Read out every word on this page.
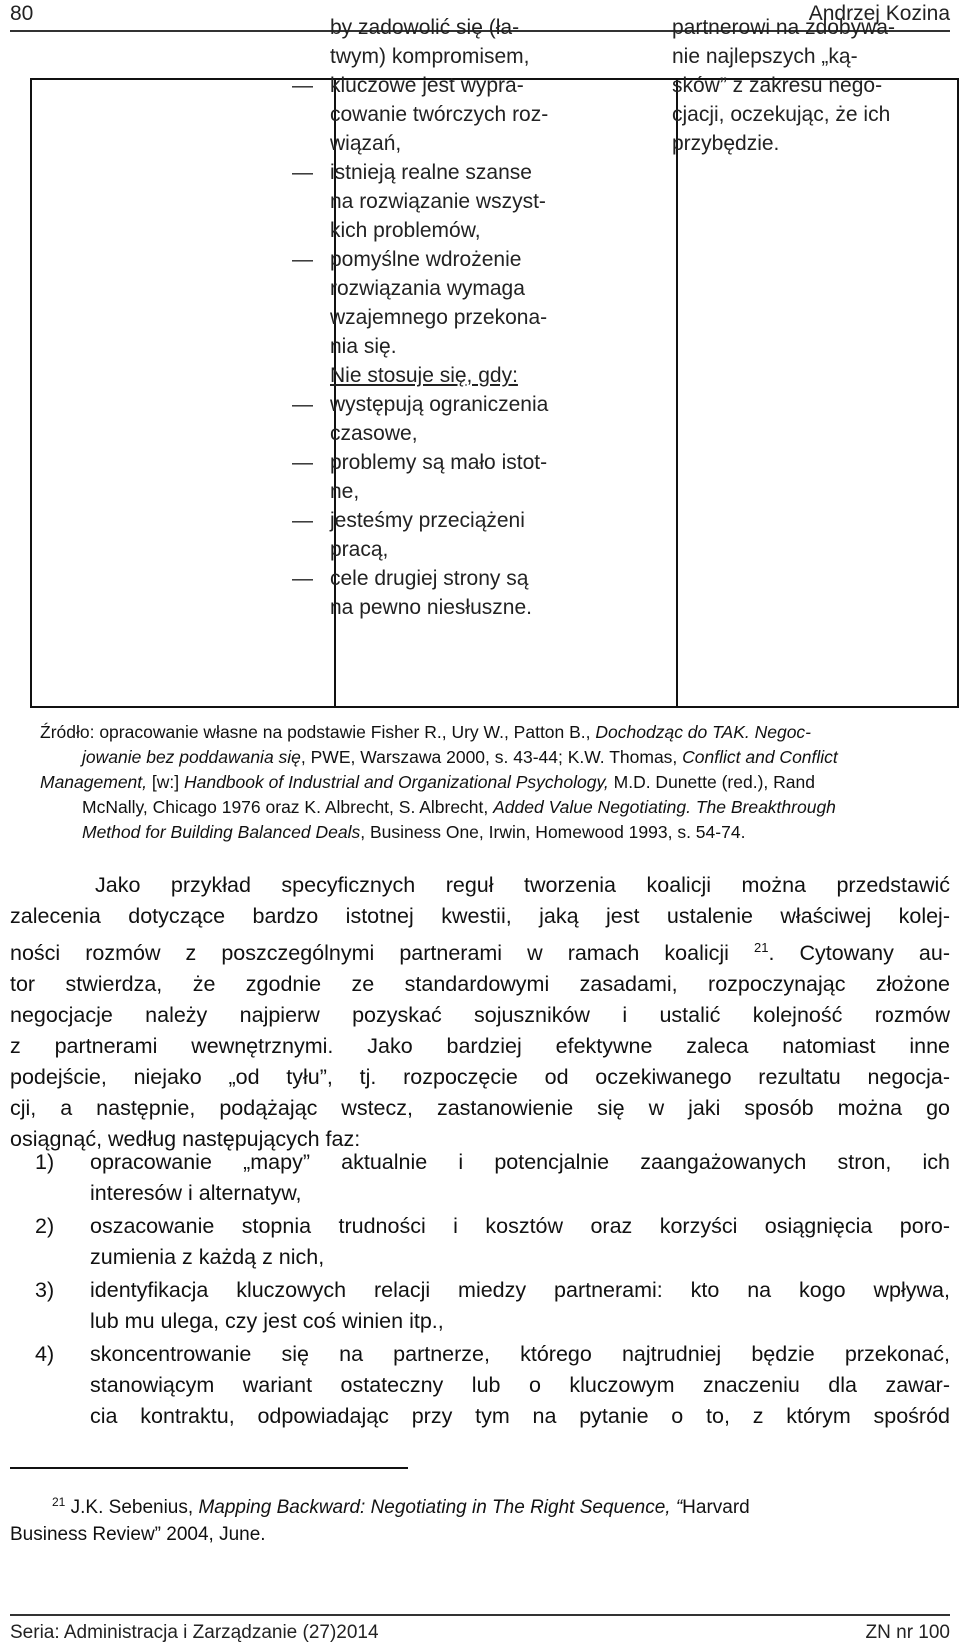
80	Andrzej Kozina
by zadowolić się (ła-
twym) kompromisem,
— kluczowe jest wypra-
cowanie twórczych roz-
wiązań,
— istnieją realne szanse
na rozwiązanie wszyst-
kich problemów,
— pomyślne wdrożenie
rozwiązania wymaga
wzajemnego przekona-
nia się.
Nie stosuje się, gdy:
— występują ograniczenia
czasowe,
— problemy są mało istot-
ne,
— jesteśmy przeciążeni
pracą,
— cele drugiej strony są
na pewno niesłuszne.
partnerowi na zdobywa-
nie najlepszych „ką-
sków” z zakresu nego-
cjacji, oczekując, że ich
przybędzie.
Źródło: opracowanie własne na podstawie Fisher R., Ury W., Patton B., Dochodząc do TAK. Negoc-
jowanie bez poddawania się, PWE, Warszawa 2000, s. 43-44; K.W. Thomas, Conflict and Conflict
Management, [w:] Handbook of Industrial and Organizational Psychology, M.D. Dunette (red.), Rand
McNally, Chicago 1976 oraz K. Albrecht, S. Albrecht, Added Value Negotiating. The Breakthrough
Method for Building Balanced Deals, Business One, Irwin, Homewood 1993, s. 54-74.
Jako przykład specyficznych reguł tworzenia koalicji można przedstawić
zalecenia dotyczące bardzo istotnej kwestii, jaką jest ustalenie właściwej kolej-
ności rozmów z poszczególnymi partnerami w ramach koalicji $^{21}$. Cytowany au-
tor stwierdza, że zgodnie ze standardowymi zasadami, rozpoczynając złożone
negocjacje należy najpierw pozyskać sojuszników i ustalić kolejność rozmów
z partnerami wewnętrznymi. Jako bardziej efektywne zaleca natomiast inne
podejście, niejako „od tyłu”, tj. rozpoczęcie od oczekiwanego rezultatu negocja-
cji, a następnie, podążając wstecz, zastanowienie się w jaki sposób można go
osiągnąć, według następujących faz:
1) opracowanie „mapy” aktualnie i potencjalnie zaangażowanych stron, ich
interesów i alternatyw,
2) oszacowanie stopnia trudności i kosztów oraz korzyści osiągnięcia poro-
zumienia z każdą z nich,
3) identyfikacja kluczowych relacji miedzy partnerami: kto na kogo wpływa,
lub mu ulega, czy jest coś winien itp.,
4) skoncentrowanie się na partnerze, którego najtrudniej będzie przekonać,
stanowiącym wariant ostateczny lub o kluczowym znaczeniu dla zawar-
cia kontraktu, odpowiadając przy tym na pytanie o to, z którym spośród
$^{21}$ J.K. Sebenius, Mapping Backward: Negotiating in The Right Sequence, “Harvard
Business Review” 2004, June.
Seria: Administracja i Zarządzanie (27)2014	ZN nr 100
